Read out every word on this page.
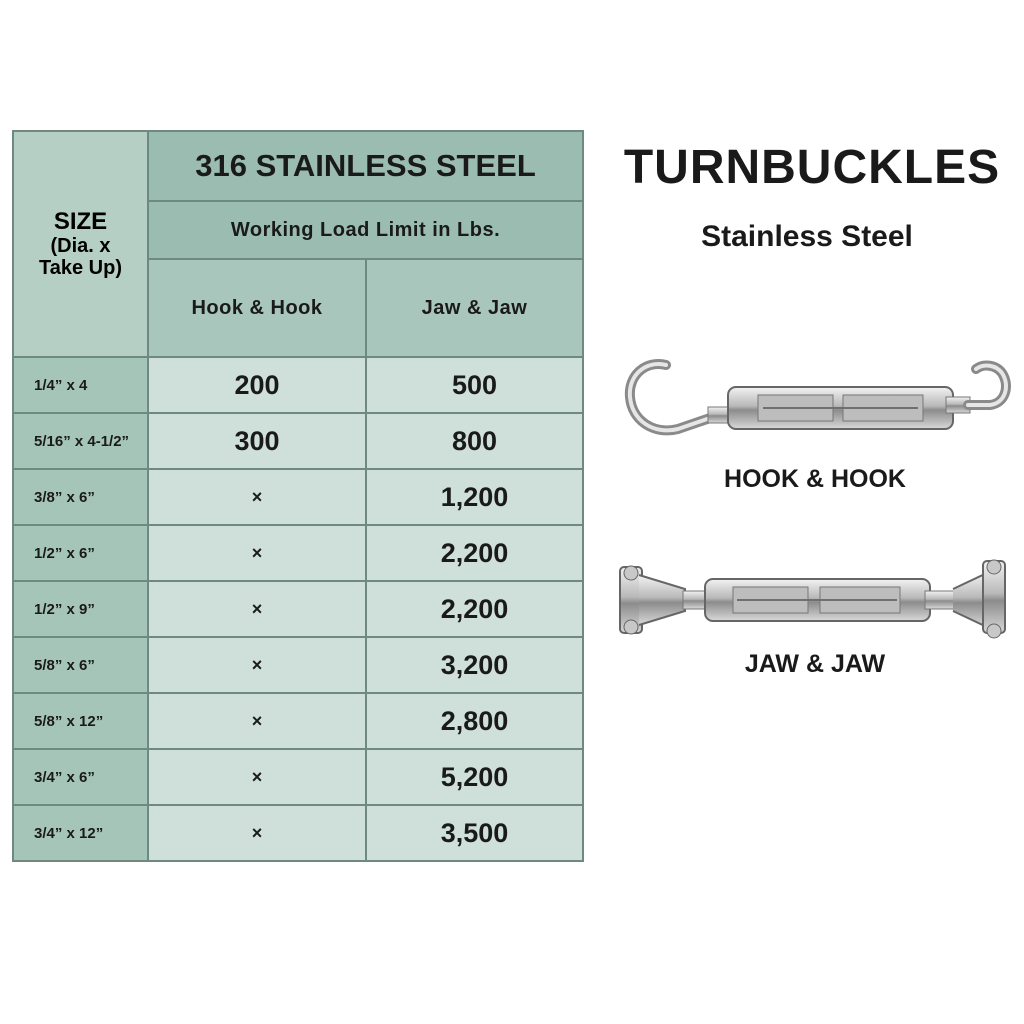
SIZE
(Dia. x
Take Up)	316 STAINLESS STEEL	
	Working Load Limit in Lbs.	
	Hook & Hook	Jaw & Jaw
1/4” x 4	200	500
5/16” x 4-1/2”	300	800
3/8” x 6”	×	1,200
1/2” x 6”	×	2,200
1/2” x 9”	×	2,200
5/8” x 6”	×	3,200
5/8” x 12”	×	2,800
3/4” x 6”	×	5,200
3/4” x 12”	×	3,500
TURNBUCKLES
Stainless Steel
HOOK & HOOK
JAW & JAW
